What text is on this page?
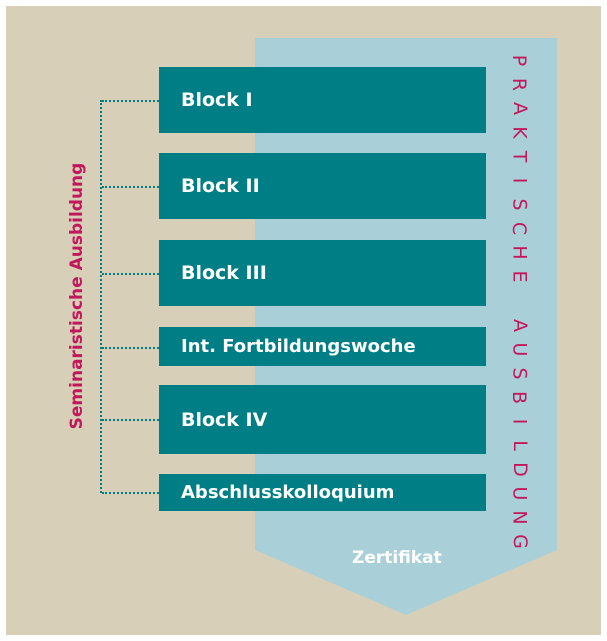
Block I
Block II
Block III
Int. Fortbildungswoche
Block IV
Abschlusskolloquium
Seminaristische Ausbildung
P
R
A
K
T
I
S
C
H
E

A
U
S
B
I
L
D
U
N
G
Zertifikat
